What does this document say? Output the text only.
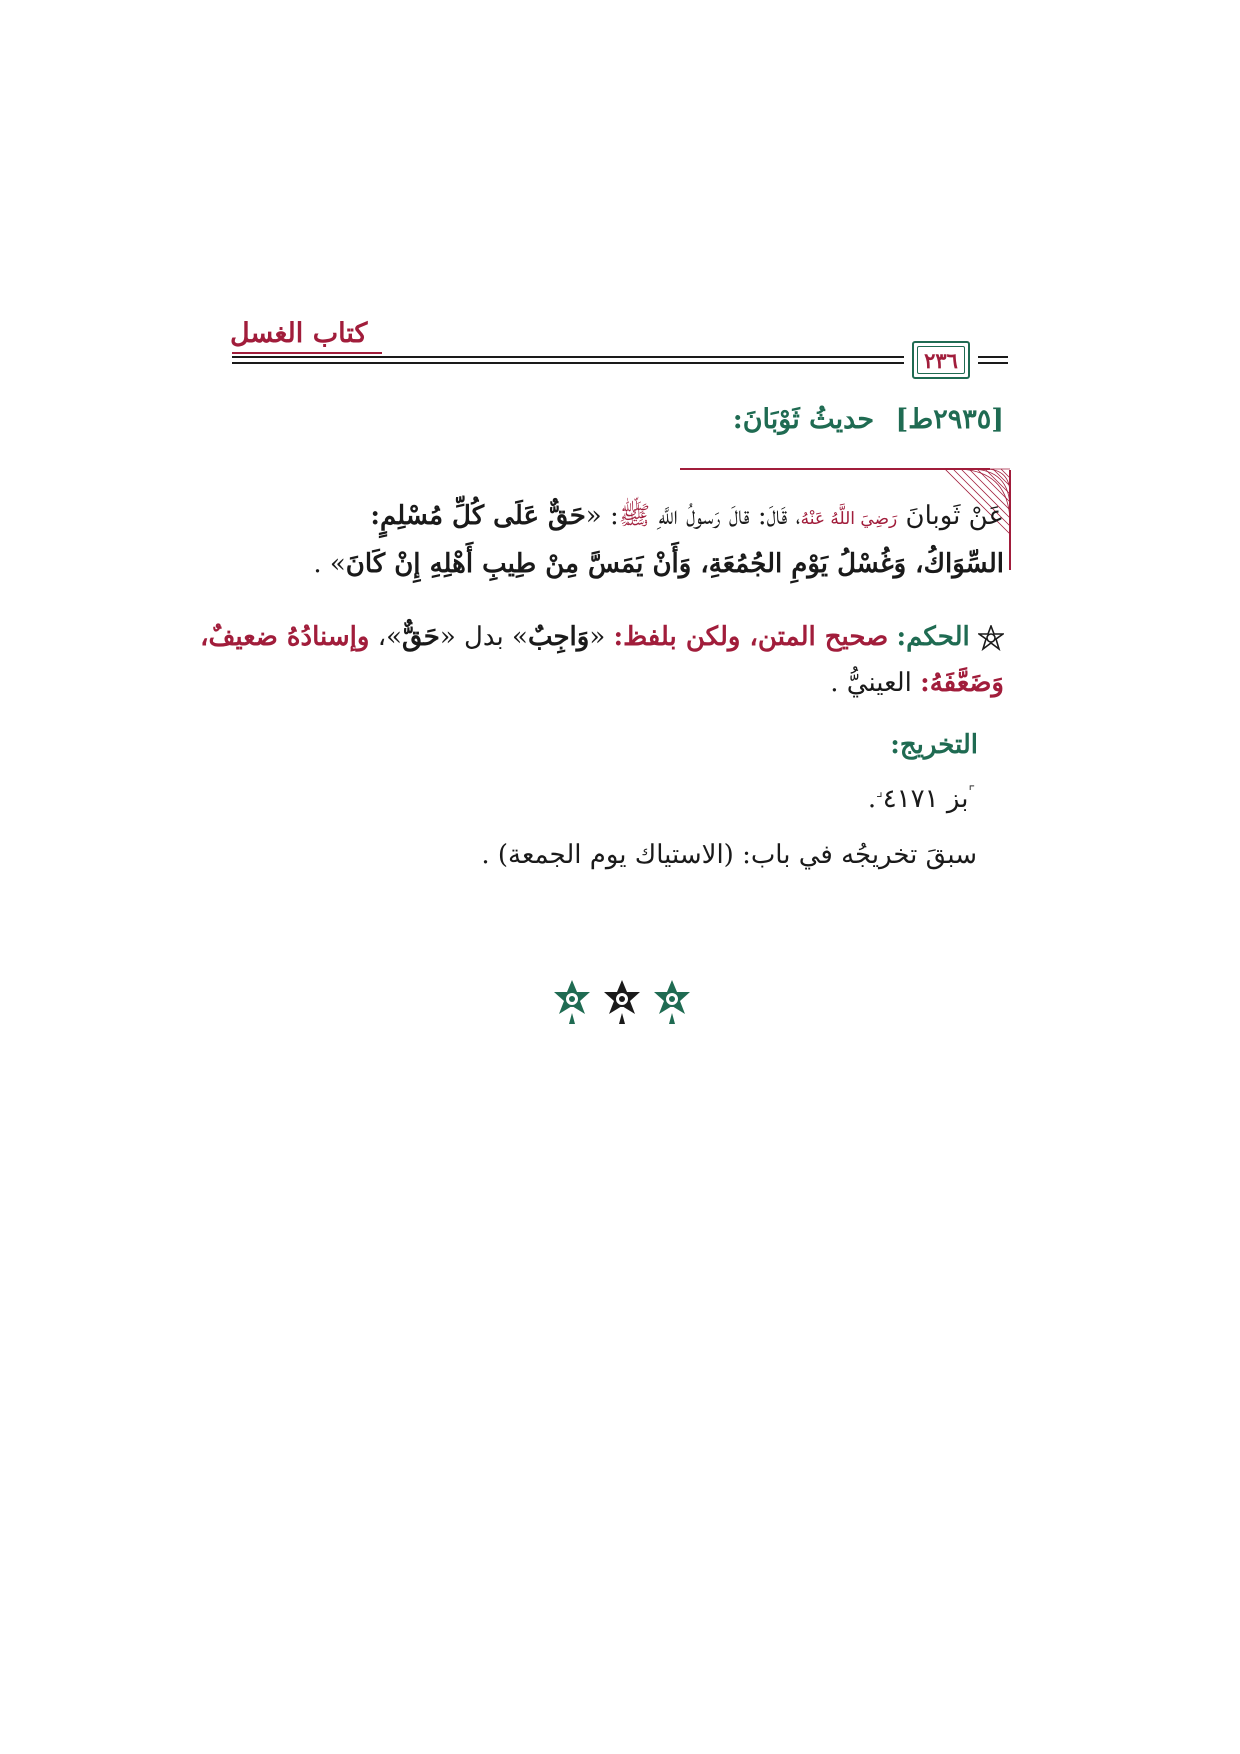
كتاب الغسل
٢٣٦
[٢٩٣٥ط] حديثُ ثَوْبَانَ:
عَنْ ثَوبانَ رَضِيَ اللَّهُ عَنْهُ، قَالَ: قالَ رَسولُ اللَّهِ ﷺ: «حَقٌّ عَلَى كُلِّ مُسْلِمٍ:
السِّوَاكُ، وَغُسْلُ يَوْمِ الجُمُعَةِ، وَأَنْ يَمَسَّ مِنْ طِيبِ أَهْلِهِ إِنْ كَانَ» .
الحكم: صحيح المتن، ولكن بلفظ: «وَاجِبٌ» بدل «حَقٌّ»، وإسنادُهُ ضعيفٌ،
وَضَعَّفَهُ: العينيُّ .
التخريج:
⌜بز ٤١٧١⌟.
سبقَ تخريجُه في باب: (الاستياك يوم الجمعة) .
